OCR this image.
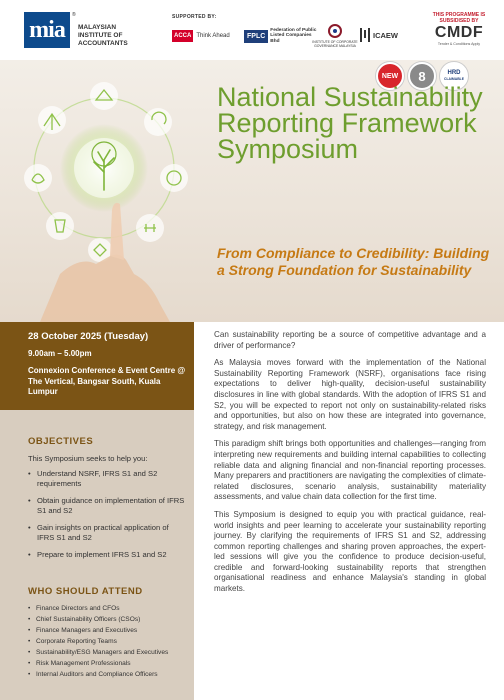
mia
®
MALAYSIAN INSTITUTE OF ACCOUNTANTS
SUPPORTED BY:
ACCA Think Ahead	FPLC
Federation of Public Listed Companies Bhd	INSTITUTE OF CORPORATE GOVERNANCE MALAYSIA
ICAEW
THIS PROGRAMME IS SUBSIDISED BY
CMDF
Tender & Conditions Apply
NEW	8	HRD
CLAIMABLE
National Sustainability Reporting Framework Symposium
From Compliance to Credibility: Building a Strong Foundation for Sustainability
28 October 2025 (Tuesday)
9.00am – 5.00pm
Connexion Conference & Event Centre @ The Vertical, Bangsar South, Kuala Lumpur
OBJECTIVES
This Symposium seeks to help you:
• Understand NSRF, IFRS S1 and S2 requirements
• Obtain guidance on implementation of IFRS S1 and S2
• Gain insights on practical application of IFRS S1 and S2
• Prepare to implement IFRS S1 and S2
WHO SHOULD ATTEND
• Finance Directors and CFOs
• Chief Sustainability Officers (CSOs)
• Finance Managers and Executives
• Corporate Reporting Teams
• Sustainability/ESG Managers and Executives
• Risk Management Professionals
• Internal Auditors and Compliance Officers

Can sustainability reporting be a source of competitive advantage and a driver of performance?

As Malaysia moves forward with the implementation of the National Sustainability Reporting Framework (NSRF), organisations face rising expectations to deliver high-quality, decision-useful sustainability disclosures in line with global standards. With the adoption of IFRS S1 and S2, you will be expected to report not only on sustainability-related risks and opportunities, but also on how these are integrated into governance, strategy, and risk management.

This paradigm shift brings both opportunities and challenges—ranging from interpreting new requirements and building internal capabilities to collecting reliable data and aligning financial and non-financial reporting processes. Many preparers and practitioners are navigating the complexities of climate-related disclosures, scenario analysis, sustainability materiality assessments, and value chain data collection for the first time.

This Symposium is designed to equip you with practical guidance, real-world insights and peer learning to accelerate your sustainability reporting journey. By clarifying the requirements of IFRS S1 and S2, addressing common reporting challenges and sharing proven approaches, the expert-led sessions will give you the confidence to produce decision-useful, credible and forward-looking sustainability reports that strengthen organisational readiness and enhance Malaysia's standing in global markets.
